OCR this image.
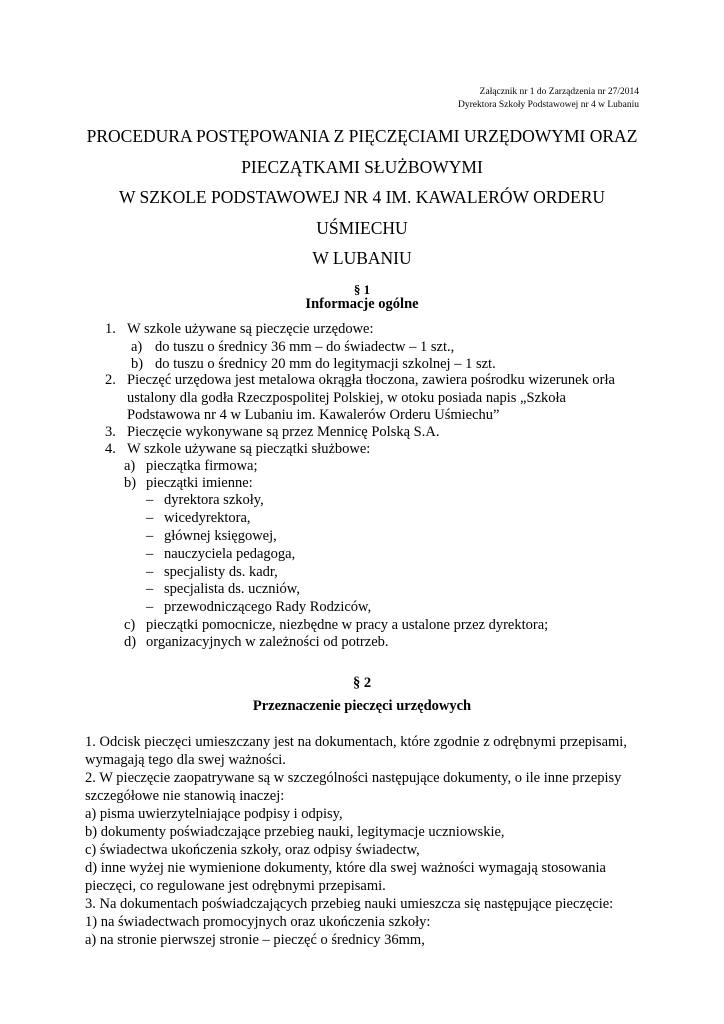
Załącznik nr 1 do Zarządzenia nr 27/2014
Dyrektora Szkoły Podstawowej nr 4 w Lubaniu
PROCEDURA POSTĘPOWANIA Z PIĘCZĘCIAMI URZĘDOWYMI ORAZ
PIECZĄTKAMI SŁUŻBOWYMI
W SZKOLE PODSTAWOWEJ NR 4 IM. KAWALERÓW ORDERU
UŚMIECHU
W LUBANIU
§ 1
Informacje ogólne
1. W szkole używane są pieczęcie urzędowe:
a) do tuszu o średnicy 36 mm – do świadectw – 1 szt.,
b) do tuszu o średnicy 20 mm do legitymacji szkolnej – 1 szt.
2. Pieczęć urzędowa jest metalowa okrągła tłoczona, zawiera pośrodku wizerunek orła
ustalony dla godła Rzeczpospolitej Polskiej, w otoku posiada napis „Szkoła
Podstawowa nr 4 w Lubaniu im. Kawalerów Orderu Uśmiechu”
3. Pieczęcie wykonywane są przez Mennicę Polską S.A.
4. W szkole używane są pieczątki służbowe:
a) pieczątka firmowa;
b) pieczątki imienne:
– dyrektora szkoły,
– wicedyrektora,
– głównej księgowej,
– nauczyciela pedagoga,
– specjalisty ds. kadr,
– specjalista ds. uczniów,
– przewodniczącego Rady Rodziców,
c) pieczątki pomocnicze, niezbędne w pracy a ustalone przez dyrektora;
d) organizacyjnych w zależności od potrzeb.
§ 2
Przeznaczenie pieczęci urzędowych
1. Odcisk pieczęci umieszczany jest na dokumentach, które zgodnie z odrębnymi przepisami,
wymagają tego dla swej ważności.
2. W pieczęcie zaopatrywane są w szczególności następujące dokumenty, o ile inne przepisy
szczegółowe nie stanowią inaczej:
a) pisma uwierzytelniające podpisy i odpisy,
b) dokumenty poświadczające przebieg nauki, legitymacje uczniowskie,
c) świadectwa ukończenia szkoły, oraz odpisy świadectw,
d) inne wyżej nie wymienione dokumenty, które dla swej ważności wymagają stosowania
pieczęci, co regulowane jest odrębnymi przepisami.
3. Na dokumentach poświadczających przebieg nauki umieszcza się następujące pieczęcie:
1) na świadectwach promocyjnych oraz ukończenia szkoły:
a) na stronie pierwszej stronie – pieczęć o średnicy 36mm,
